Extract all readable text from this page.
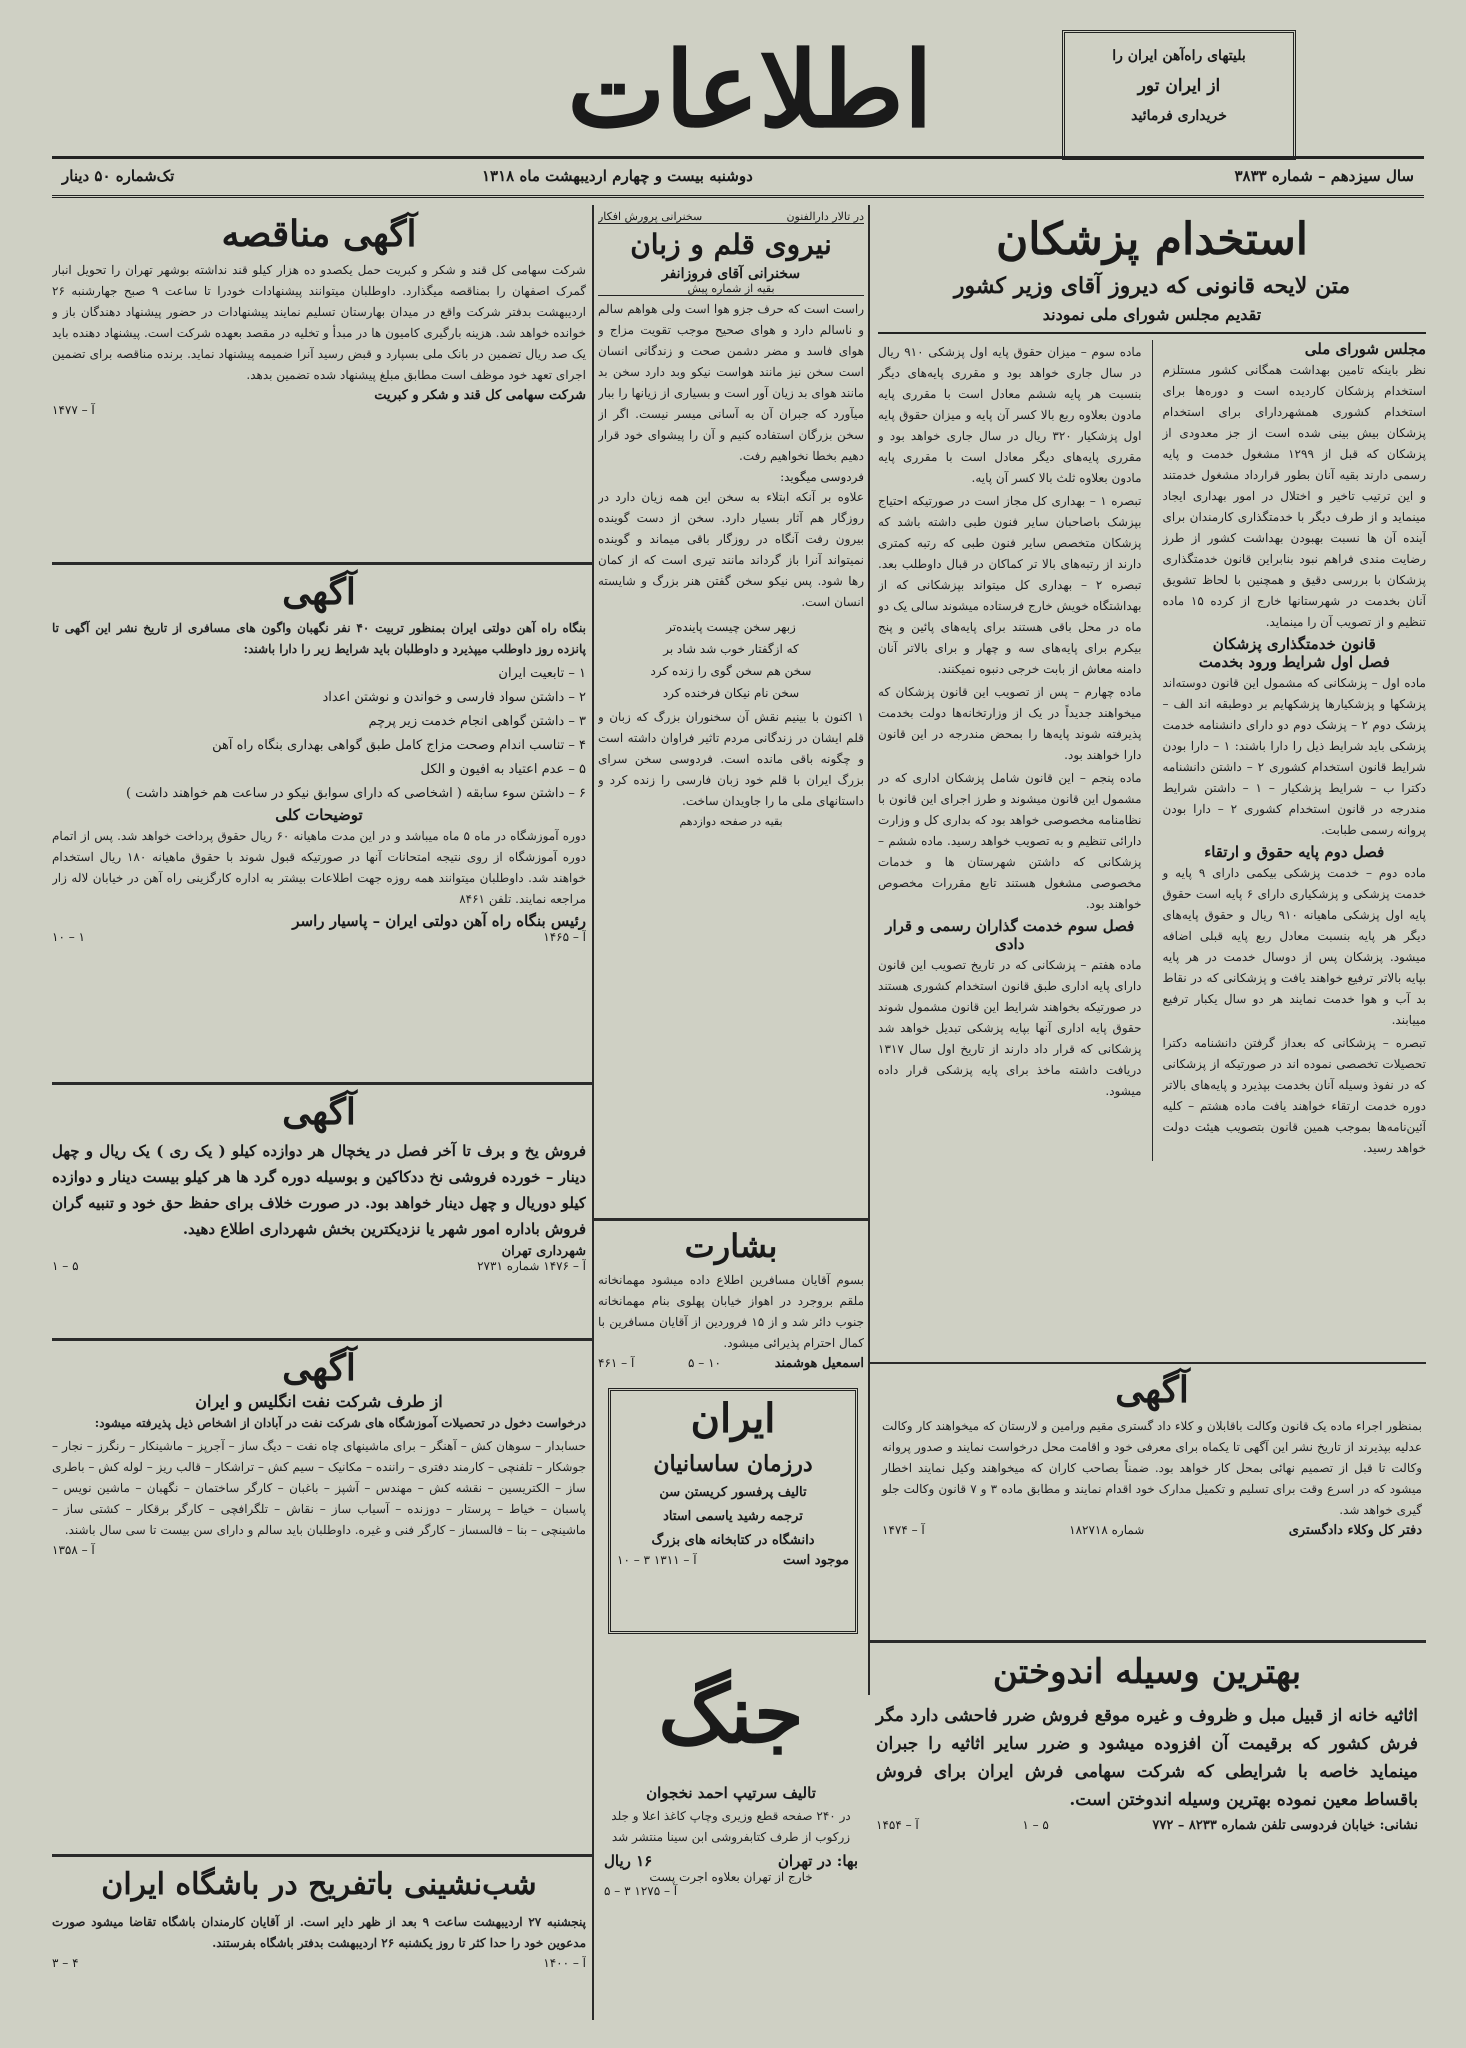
اطلاعات	بلیتهای راه‌آهن ایران را
از ایران تور
خریداری فرمائید
سال سیزدهم – شماره ۳۸۳۳
دوشنبه بیست و چهارم اردیبهشت ماه ۱۳۱۸
تک‌شماره ۵۰ دینار
استخدام پزشکان
متن لایحه قانونی که دیروز آقای وزیر کشور
تقدیم مجلس شورای ملی نمودند
مجلس شورای ملی

نظر باینکه تامین بهداشت همگانی کشور مستلزم استخدام پزشکان کاردیده است و دوره‌ها برای استخدام کشوری همشهردارای برای استخدام پزشکان بیش بینی شده است از جز معدودی از پزشکان که قبل از ۱۲۹۹ مشغول خدمت و پایه رسمی دارند بقیه آنان بطور قرارداد مشغول خدمتند و این ترتیب تاخیر و اختلال در امور بهداری ایجاد مینماید و از طرف دیگر با خدمتگذاری کارمندان برای آینده آن ها نسبت بهبودن بهداشت کشور از طرز رضایت مندی فراهم نبود بنابراین قانون خدمتگذاری پزشکان با بررسی دقیق و همچنین با لحاظ تشویق آنان بخدمت در شهرستانها خارج از کرده ۱۵ ماده تنظیم و از تصویب آن را مینماید.

قانون خدمتگذاری پزشکان
فصل اول شرایط ورود بخدمت

ماده اول – پزشکانی که مشمول این قانون دوسته‌اند پزشکها و پزشکیارها پزشکهایم بر دوطبقه اند الف – پزشک دوم ۲ – پزشک دوم دو دارای دانشنامه خدمت پزشکی باید شرایط ذیل را دارا باشند: ۱ – دارا بودن شرایط قانون استخدام کشوری ۲ – داشتن دانشنامه دکترا ب – شرایط پزشکیار – ۱ – داشتن شرایط مندرجه در قانون استخدام کشوری ۲ – دارا بودن پروانه رسمی طبابت.

فصل دوم پایه حقوق و ارتقاء

ماده دوم – خدمت پزشکی بیکمی دارای ۹ پایه و خدمت پزشکی و پزشکیاری دارای ۶ پایه است حقوق پایه اول پزشکی ماهیانه ۹۱۰ ریال و حقوق پایه‌های دیگر هر پایه بنسبت معادل ربع پایه قبلی اضافه میشود. پزشکان پس از دوسال خدمت در هر پایه بپایه بالاتر ترفیع خواهند یافت و پزشکانی که در نقاط بد آب و هوا خدمت نمایند هر دو سال یکبار ترفیع مییابند.

تبصره – پزشکانی که بعداز گرفتن دانشنامه دکترا تحصیلات تخصصی نموده اند در صورتیکه از پزشکانی که در نفوذ وسیله آنان بخدمت بپذیرد و پایه‌های بالاتر دوره خدمت ارتقاء خواهند یافت ماده هشتم – کلیه آئین‌نامه‌ها بموجب همین قانون بتصویب هیئت دولت خواهد رسید.

ماده سوم – میزان حقوق پایه اول پزشکی ۹۱۰ ریال در سال جاری خواهد بود و مقرری پایه‌های دیگر بنسبت هر پایه ششم معادل است با مقرری پایه مادون بعلاوه ربع بالا کسر آن پایه و میزان حقوق پایه اول پزشکیار ۳۲۰ ریال در سال جاری خواهد بود و مقرری پایه‌های دیگر معادل است با مقرری پایه مادون بعلاوه ثلث بالا کسر آن پایه.

تبصره ۱ – بهداری کل مجاز است در صورتیکه احتیاج بپزشک باصاحبان سایر فنون طبی داشته باشد که پزشکان متخصص سایر فنون طبی که رتبه کمتری دارند از رتبه‌های بالا تر کماکان در قبال داوطلب بعد. تبصره ۲ – بهداری کل میتواند بپزشکانی که از بهداشتگاه خویش خارج فرستاده میشوند سالی یک دو ماه در محل باقی هستند برای پایه‌های پائین و پنج بیکرم برای پایه‌های سه و چهار و برای بالاتر آنان دامنه معاش از بابت خرجی دنبوه نمیکنند.

ماده چهارم – پس از تصویب این قانون پزشکان که میخواهند جدیداً در یک از وزارتخانه‌ها دولت بخدمت پذیرفته شوند پایه‌ها را بمحض مندرجه در این قانون دارا خواهند بود.

ماده پنجم – این قانون شامل پزشکان اداری که در مشمول این قانون میشوند و طرز اجرای این قانون با نظامنامه مخصوصی خواهد بود که بداری کل و وزارت دارائی تنظیم و به تصویب خواهد رسید. ماده ششم – پزشکانی که داشتن شهرستان ها و خدمات مخصوصی مشغول هستند تابع مقررات مخصوص خواهند بود.

فصل سوم خدمت گذاران رسمی و قرار دادی

ماده هفتم – پزشکانی که در تاریخ تصویب این قانون دارای پایه اداری طبق قانون استخدام کشوری هستند در صورتیکه بخواهند شرایط این قانون مشمول شوند حقوق پایه اداری آنها بپایه پزشکی تبدیل خواهد شد پزشکانی که قرار داد دارند از تاریخ اول سال ۱۳۱۷ دریافت داشته ماخذ برای پایه پزشکی قرار داده میشود.

آگهی

بمنظور اجراء ماده یک قانون وکالت باقابلان و کلاء داد گستری مقیم ورامین و لارستان که میخواهند کار وکالت عدلیه بپذیرند از تاریخ نشر این آگهی تا یکماه برای معرفی خود و اقامت محل درخواست نمایند و صدور پروانه وکالت تا قبل از تصمیم نهائی بمحل کار خواهد بود. ضمناً بصاحب کاران که میخواهند وکیل نمایند اخطار میشود که در اسرع وقت برای تسلیم و تکمیل مدارک خود اقدام نمایند و مطابق ماده ۳ و ۷ قانون وکالت جلو گیری خواهد شد.

دفتر کل وکلاء دادگستری
شماره ۱۸۲۷۱۸
آ – ۱۴۷۴
بهترین وسیله اندوختن

اثاثیه خانه از قبیل مبل و ظروف و غیره موقع فروش ضرر فاحشی دارد مگر فرش کشور که برقیمت آن افزوده میشود و ضرر سایر اثاثیه را جبران مینماید خاصه با شرایطی که شرکت سهامی فرش ایران برای فروش باقساط معین نموده بهترین وسیله اندوختن است.

نشانی: خیابان فردوسی تلفن شماره ۸۲۳۳ – ۷۷۲
۱ – ۵
آ – ۱۴۵۴
در تالار دارالفنون
سخنرانی پرورش افکار
نیروی قلم و زبان
سخنرانی آقای فروزانفر
بقیه از شماره پیش

راست است که حرف جزو هوا است ولی هواهم سالم و ناسالم دارد و هوای صحیح موجب تقویت مزاج و هوای فاسد و مضر دشمن صحت و زندگانی انسان است سخن نیز مانند هواست نیکو وبد دارد سخن بد مانند هوای بد زیان آور است و بسیاری از زیانها را ببار میآورد که جبران آن به آسانی میسر نیست. اگر از سخن بزرگان استفاده کنیم و آن را پیشوای خود قرار دهیم بخطا نخواهیم رفت.

فردوسی میگوید:

علاوه بر آنکه ابتلاء به سخن این همه زیان دارد در روزگار هم آثار بسیار دارد. سخن از دست گوینده بیرون رفت آنگاه در روزگار باقی میماند و گوینده نمیتواند آنرا باز گرداند مانند تیری است که از کمان رها شود. پس نیکو سخن گفتن هنر بزرگ و شایسته انسان است.

زبهر سخن چیست پاینده‌تر
که ازگفتار خوب شد شاد بر
سخن هم سخن گوی را زنده کرد
سخن نام نیکان فرخنده کرد

۱ اکنون با بینیم نقش آن سخنوران بزرگ که زبان و قلم ایشان در زندگانی مردم تاثیر فراوان داشته است و چگونه باقی مانده است. فردوسی سخن سرای بزرگ ایران با قلم خود زبان فارسی را زنده کرد و داستانهای ملی ما را جاویدان ساخت.

بقیه در صفحه دوازدهم
بشارت

بسوم آقایان مسافرین اطلاع داده میشود مهمانخانه ملقم بروجرد در اهواز خیابان پهلوی بنام مهمانخانه جنوب دائر شد و از ۱۵ فروردین از آقایان مسافرین با کمال احترام پذیرائی میشود.

اسمعیل هوشمند
۵ – ۱۰
آ – ۴۶۱
ایران
درزمان ساسانیان
تالیف پرفسور کریستن سن
ترجمه رشید یاسمی استاد
دانشگاه در کتابخانه های بزرگ
موجود است
آ – ۱۳۱۱ ۳ – ۱۰
جنگ
تالیف سرتیپ احمد نخجوان

در ۲۴۰ صفحه قطع وزیری وچاپ کاغذ اعلا و جلد زرکوب از طرف کتابفروشی ابن سینا منتشر شد

بها: در تهران
۱۶ ریال
خارج از تهران بعلاوه اجرت پست
آ – ۱۲۷۵ ۳ – ۵
آگهی مناقصه

شرکت سهامی کل قند و شکر و کبریت حمل یکصدو ده هزار کیلو قند نداشته بوشهر تهران را تحویل انبار گمرک اصفهان را بمناقصه میگذارد. داوطلبان میتوانند پیشنهادات خودرا تا ساعت ۹ صبح جهارشنبه ۲۶ اردیبهشت بدفتر شرکت واقع در میدان بهارستان تسلیم نمایند پیشنهادات در حضور پیشنهاد دهندگان باز و خوانده خواهد شد. هزینه بارگیری کامیون ها در مبدأ و تخلیه در مقصد بعهده شرکت است. پیشنهاد دهنده باید یک صد ریال تضمین در بانک ملی بسپارد و قبض رسید آنرا ضمیمه پیشنهاد نماید. برنده مناقصه برای تضمین اجرای تعهد خود موظف است مطابق مبلغ پیشنهاد شده تضمین بدهد.

شرکت سهامی کل قند و شکر و کبریت
آ – ۱۴۷۷
آگهی

بنگاه راه آهن دولتی ایران بمنظور تربیت ۴۰ نفر نگهبان واگون های مسافری از تاریخ نشر این آگهی تا پانزده روز داوطلب میپذیرد و داوطلبان باید شرایط زیر را دارا باشند:

۱ – تابعیت ایران
۲ – داشتن سواد فارسی و خواندن و نوشتن اعداد
۳ – داشتن گواهی انجام خدمت زیر پرچم
۴ – تناسب اندام وصحت مزاج کامل طبق گواهی بهداری بنگاه راه آهن
۵ – عدم اعتیاد به افیون و الکل
۶ – داشتن سوء سابقه ( اشخاصی که دارای سوابق نیکو در ساعت هم خواهند داشت )
توضیحات کلی

دوره آموزشگاه در ماه ۵ ماه میباشد و در این مدت ماهیانه ۶۰ ریال حقوق پرداخت خواهد شد. پس از اتمام دوره آموزشگاه از روی نتیجه امتحانات آنها در صورتیکه قبول شوند با حقوق ماهیانه ۱۸۰ ریال استخدام خواهند شد. داوطلبان میتوانند همه روزه جهت اطلاعات بیشتر به اداره کارگزینی راه آهن در خیابان لاله زار مراجعه نمایند. تلفن ۸۴۶۱

رئیس بنگاه راه آهن دولتی ایران – پاسیار راسر
آ – ۱۴۶۵
۱۰ – ۱
آگهی

فروش یخ و برف تا آخر فصل در یخچال هر دوازده کیلو ( یک ری ) یک ریال و چهل دینار – خورده فروشی نخ ددکاکین و بوسیله دوره گرد ها هر کیلو بیست دینار و دوازده کیلو دوریال و چهل دینار خواهد بود. در صورت خلاف برای حفظ حق خود و تنبیه گران فروش باداره امور شهر یا نزدیکترین بخش شهرداری اطلاع دهید.

شهرداری تهران
آ – ۱۴۷۶ شماره ۲۷۳۱
۱ – ۵
آگهی
از طرف شرکت نفت انگلیس و ایران

درخواست دخول در تحصیلات آموزشگاه های شرکت نفت در آبادان از اشخاص ذیل پذیرفته میشود:

حسابدار – سوهان کش – آهنگر – برای ماشینهای چاه نفت – دیگ ساز – آجرپز – ماشینکار – رنگرز – نجار – جوشکار – تلفنچی – کارمند دفتری – راننده – مکانیک – سیم کش – تراشکار – قالب ریز – لوله کش – باطری ساز – الکتریسین – نقشه کش – مهندس – آشپز – باغبان – کارگر ساختمان – نگهبان – ماشین نویس – پاسبان – خیاط – پرستار – دوزنده – آسیاب ساز – نقاش – تلگرافچی – کارگر برقکار – کشتی ساز – ماشینچی – بنا – فالسساز – کارگر فنی و غیره. داوطلبان باید سالم و دارای سن بیست تا سی سال باشند.

آ – ۱۳۵۸
شب‌نشینی باتفریح در باشگاه ایران

پنجشنبه ۲۷ اردیبهشت ساعت ۹ بعد از ظهر دایر است. از آقایان کارمندان باشگاه تقاضا میشود صورت مدعوین خود را حدا کثر تا روز یکشنبه ۲۶ اردیبهشت بدفتر باشگاه بفرستند.

آ – ۱۴۰۰
۳ – ۴
